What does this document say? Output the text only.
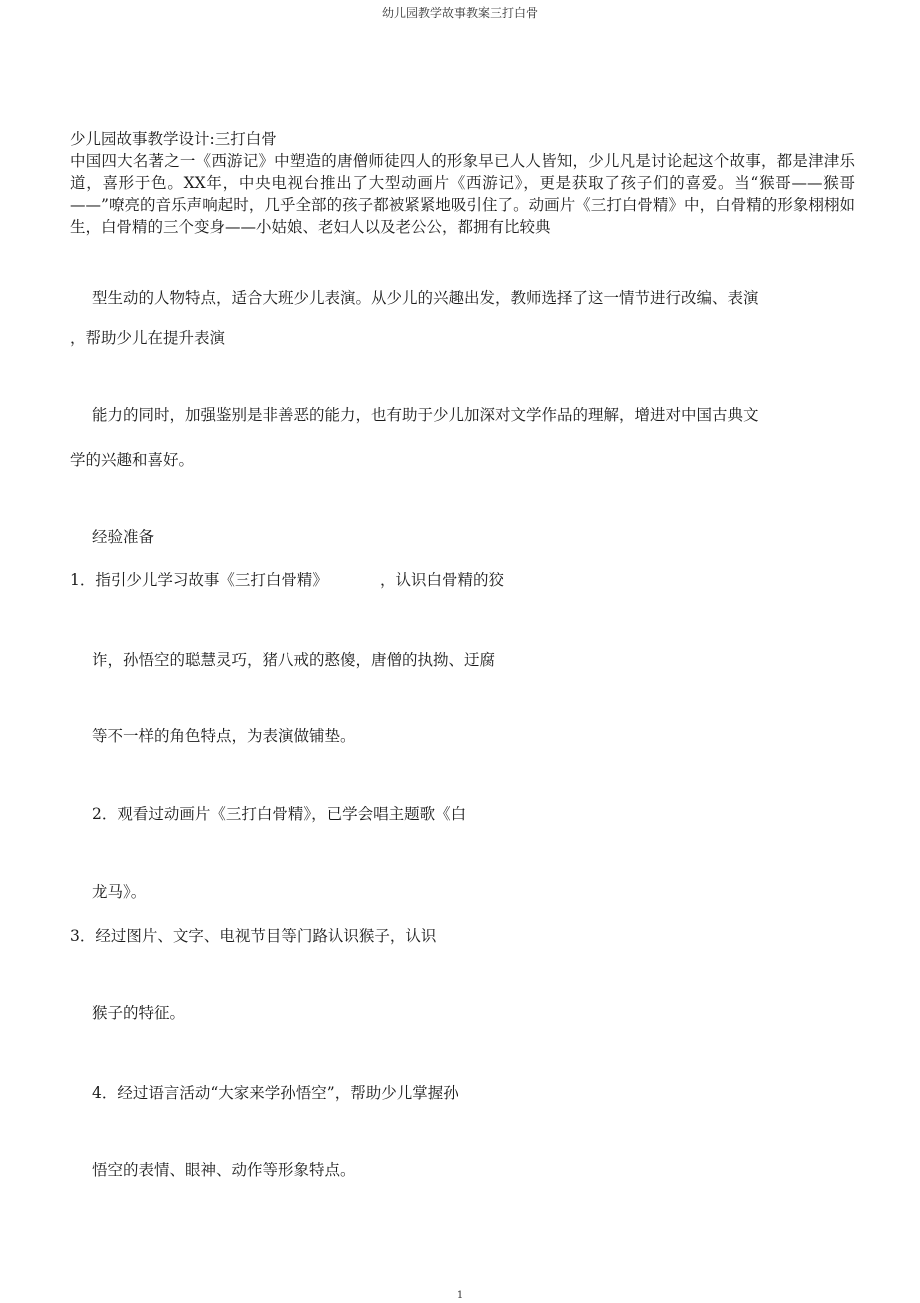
幼儿园教学故事教案三打白骨

少儿园故事教学设计:三打白骨

中国四大名著之一《西游记》中塑造的唐僧师徒四人的形象早已人人皆知，少儿凡是讨论起这个故事，都是津津乐道，喜形于色。XX年，中央电视台推出了大型动画片《西游记》，更是获取了孩子们的喜爱。当“猴哥——猴哥——”嘹亮的音乐声响起时，几乎全部的孩子都被紧紧地吸引住了。动画片《三打白骨精》中，白骨精的形象栩栩如生，白骨精的三个变身——小姑娘、老妇人以及老公公，都拥有比较典

型生动的人物特点，适合大班少儿表演。从少儿的兴趣出发，教师选择了这一情节进行改编、表演
，帮助少儿在提升表演
能力的同时，加强鉴别是非善恶的能力，也有助于少儿加深对文学作品的理解，增进对中国古典文
学的兴趣和喜好。
经验准备
1．指引少儿学习故事《三打白骨精》	，认识白骨精的狡
诈，孙悟空的聪慧灵巧，猪八戒的憨傻，唐僧的执拗、迂腐
等不一样的角色特点，为表演做铺垫。
2．观看过动画片《三打白骨精》，已学会唱主题歌《白
龙马》。
3．经过图片、文字、电视节目等门路认识猴子，认识
猴子的特征。
4．经过语言活动“大家来学孙悟空”，帮助少儿掌握孙
悟空的表情、眼神、动作等形象特点。
1
